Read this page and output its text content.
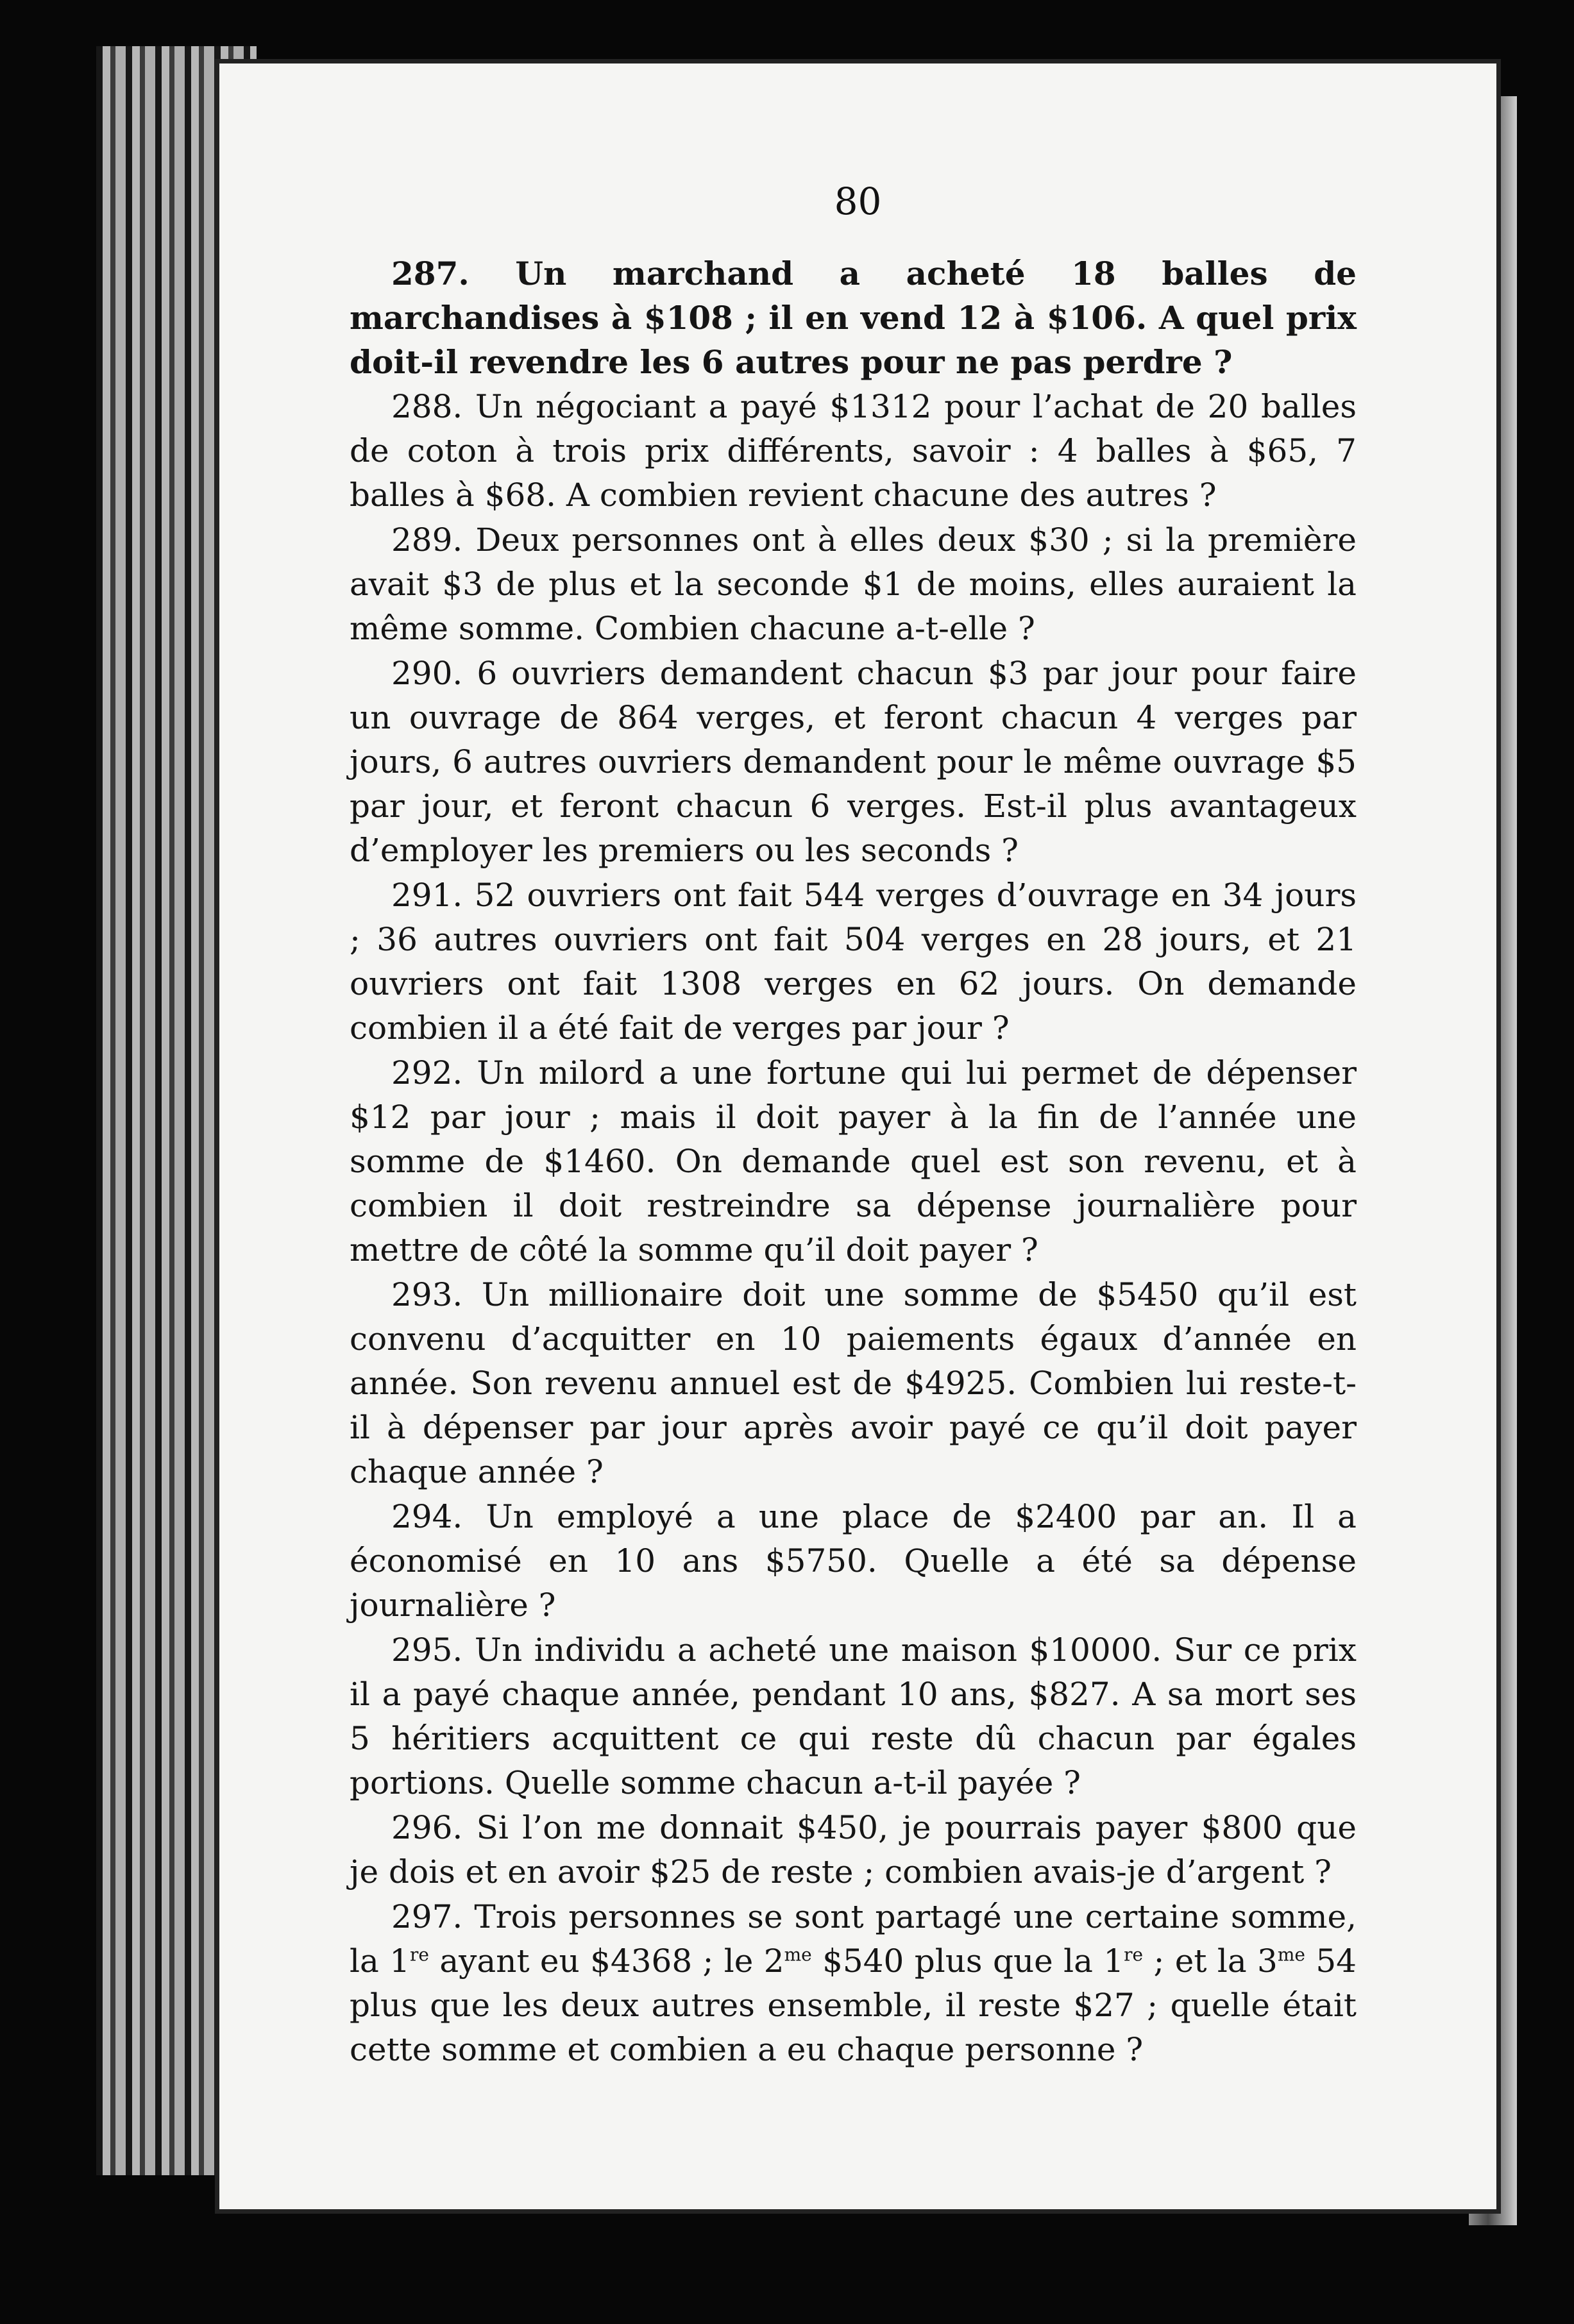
80

287. Un marchand a acheté 18 balles de marchandises à $108 ; il en vend 12 à $106. A quel prix doit-il revendre les 6 autres pour ne pas perdre ?

288. Un négociant a payé $1312 pour l’achat de 20 balles de coton à trois prix différents, savoir : 4 balles à $65, 7 balles à $68. A combien revient chacune des autres ?

289. Deux personnes ont à elles deux $30 ; si la première avait $3 de plus et la seconde $1 de moins, elles auraient la même somme. Combien chacune a-t-elle ?

290. 6 ouvriers demandent chacun $3 par jour pour faire un ouvrage de 864 verges, et feront chacun 4 verges par jours, 6 autres ouvriers demandent pour le même ouvrage $5 par jour, et feront chacun 6 verges. Est-il plus avantageux d’employer les premiers ou les seconds ?

291. 52 ouvriers ont fait 544 verges d’ouvrage en 34 jours ; 36 autres ouvriers ont fait 504 verges en 28 jours, et 21 ouvriers ont fait 1308 verges en 62 jours. On demande combien il a été fait de verges par jour ?

292. Un milord a une fortune qui lui permet de dépenser $12 par jour ; mais il doit payer à la fin de l’année une somme de $1460. On demande quel est son revenu, et à combien il doit restreindre sa dépense journalière pour mettre de côté la somme qu’il doit payer ?

293. Un millionaire doit une somme de $5450 qu’il est convenu d’acquitter en 10 paiements égaux d’année en année. Son revenu annuel est de $4925. Combien lui reste-t-il à dépenser par jour après avoir payé ce qu’il doit payer chaque année ?

294. Un employé a une place de $2400 par an. Il a économisé en 10 ans $5750. Quelle a été sa dépense journalière ?

295. Un individu a acheté une maison $10000. Sur ce prix il a payé chaque année, pendant 10 ans, $827. A sa mort ses 5 héritiers acquittent ce qui reste dû chacun par égales portions. Quelle somme chacun a-t-il payée ?

296. Si l’on me donnait $450, je pourrais payer $800 que je dois et en avoir $25 de reste ; combien avais-je d’argent ?

297. Trois personnes se sont partagé une certaine somme, la 1re ayant eu $4368 ; le $2^{me}$ $540 plus que la 1re ; et la $3^{me}$ 54 plus que les deux autres ensemble, il reste $27 ; quelle était cette somme et combien a eu chaque personne ?
